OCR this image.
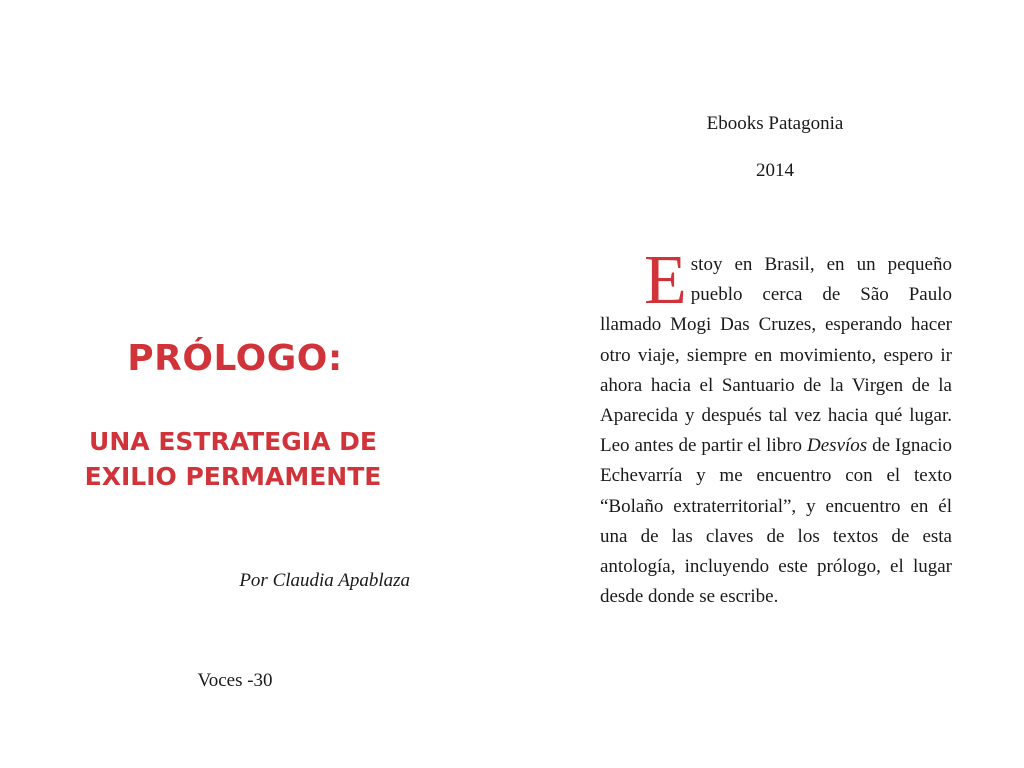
PRÓLOGO:
UNA ESTRATEGIA DE
EXILIO PERMAMENTE

Por Claudia Apablaza

Voces -30

Ebooks Patagonia

2014

Estoy en Brasil, en un pequeño pueblo cerca de São Paulo llamado Mogi Das Cruzes, esperando hacer otro viaje, siempre en movimiento, espero ir ahora hacia el Santuario de la Virgen de la Aparecida y después tal vez hacia qué lugar. Leo antes de partir el libro Desvíos de Ignacio Echevarría y me encuentro con el texto “Bolaño extraterritorial”, y encuentro en él una de las claves de los textos de esta antología, incluyendo este prólogo, el lugar desde donde se escribe.
